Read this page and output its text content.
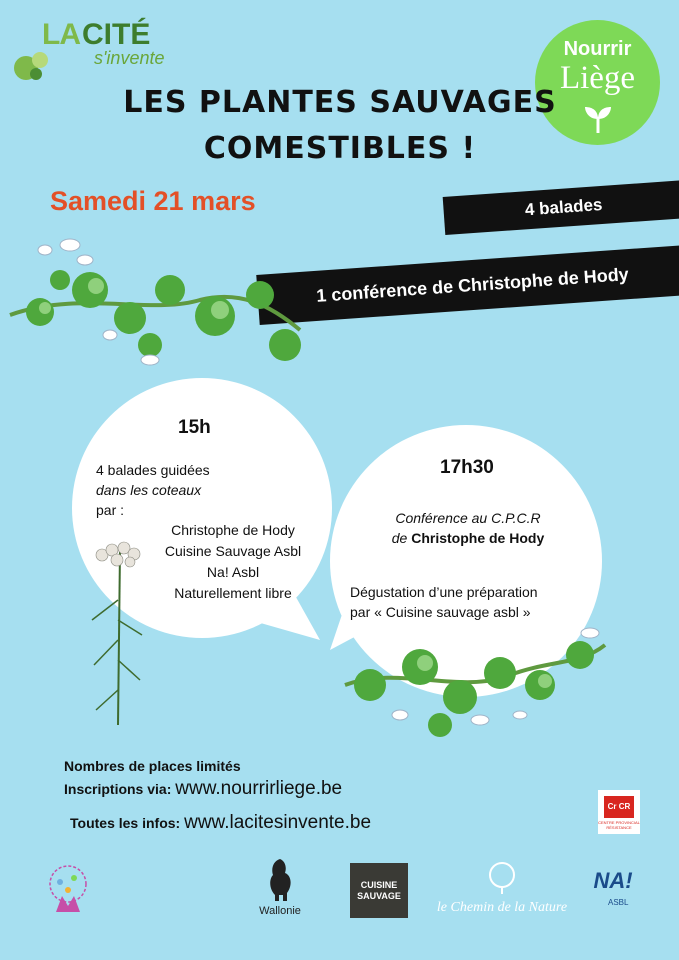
LA CITÉ
s'invente	Nourrir
Liège
LES PLANTES SAUVAGES
COMESTIBLES !
Samedi 21 mars	4 balades
1 conférence de Christophe de Hody
15h
4 balades guidées
dans les coteaux
par :
Christophe de Hody
Cuisine Sauvage Asbl
Na! Asbl
Naturellement libre
17h30
Conférence au C.P.C.R
de Christophe de Hody
Dégustation d’une préparation
par « Cuisine sauvage asbl »
Nombres de places limités
Inscriptions via: www.nourrirliege.be
Toutes les infos: www.lacitesinvente.be
Cr CR
CENTRE PROVINCIAL RÉSISTANCE
Wallonie
CUISINE
SAUVAGE
le Chemin de la Nature
NA!
ASBL
